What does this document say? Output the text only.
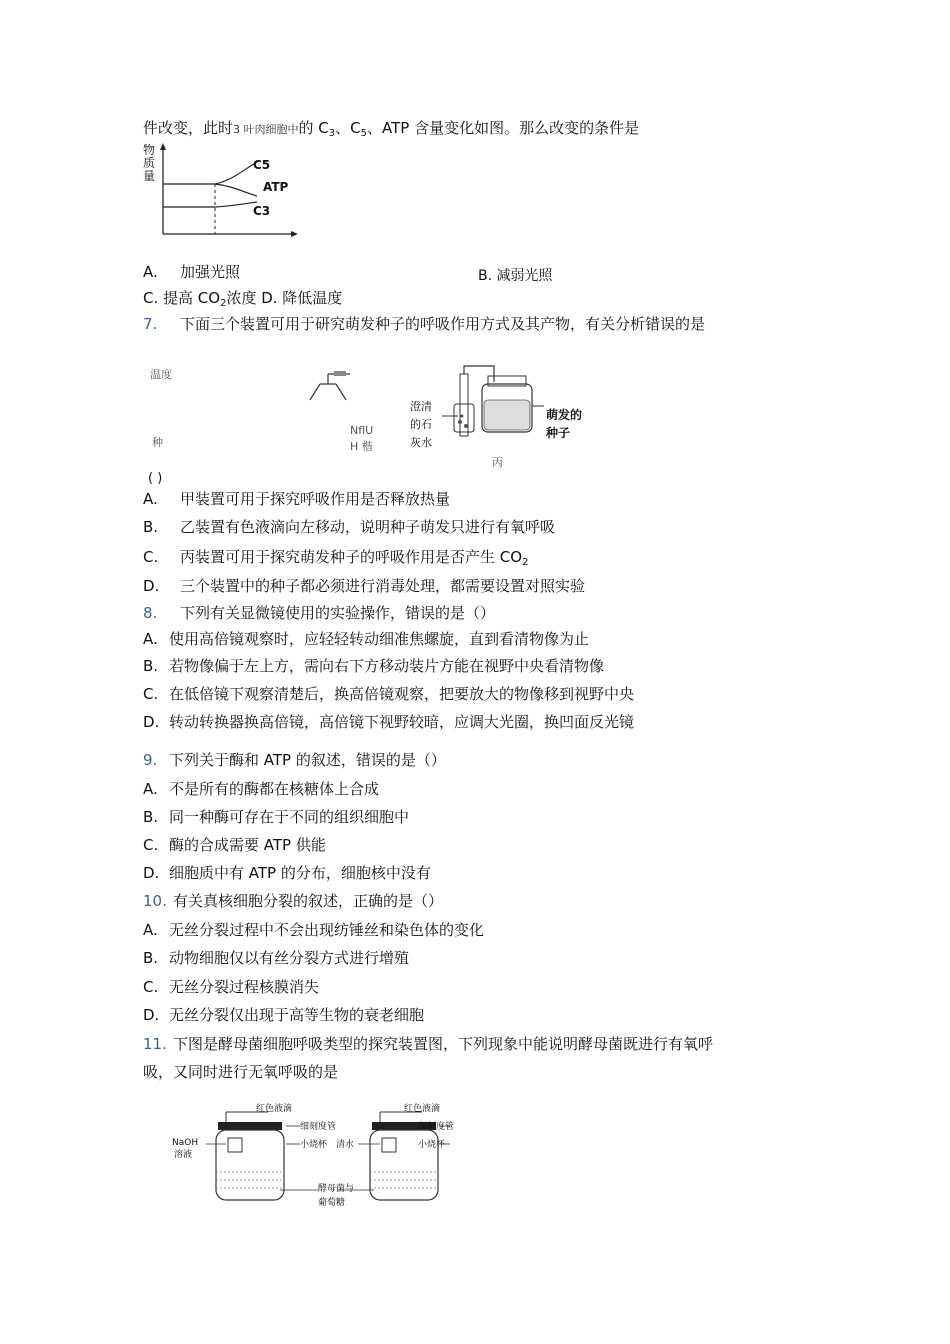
件改变，此时3 叶肉细胞中的 $C_3$、$C_5$、ATP 含量变化如图。那么改变的条件是
物
质
量
C5
ATP
C3
A. 加强光照	B. 减弱光照
C. 提高 $CO_2$浓度 D. 降低温度
7. 下面三个装置可用于研究萌发种子的呼吸作用方式及其产物，有关分析错误的是
温度
种
NflU
H 楷
澄清
的石
灰水
萌发的
种子
丙
( )
A. 甲装置可用于探究呼吸作用是否释放热量
B. 乙装置有色液滴向左移动，说明种子萌发只进行有氧呼吸
C. 丙装置可用于探究萌发种子的呼吸作用是否产生 $CO_2$
D. 三个装置中的种子都必须进行消毒处理，都需要设置对照实验
8. 下列有关显微镜使用的实验操作，错误的是（）
A. 使用高倍镜观察时，应轻轻转动细准焦螺旋，直到看清物像为止
B. 若物像偏于左上方，需向右下方移动装片方能在视野中央看清物像
C. 在低倍镜下观察清楚后，换高倍镜观察，把要放大的物像移到视野中央
D. 转动转换器换高倍镜，高倍镜下视野较暗，应调大光圈，换凹面反光镜
9. 下列关于酶和 ATP 的叙述，错误的是（）
A. 不是所有的酶都在核糖体上合成
B. 同一种酶可存在于不同的组织细胞中
C. 酶的合成需要 ATP 供能
D. 细胞质中有 ATP 的分布，细胞核中没有
10. 有关真核细胞分裂的叙述，正确的是（）
A. 无丝分裂过程中不会出现纺锤丝和染色体的变化
B. 动物细胞仅以有丝分裂方式进行增殖
C. 无丝分裂过程核膜消失
D. 无丝分裂仅出现于高等生物的衰老细胞
11. 下图是酵母菌细胞呼吸类型的探究装置图，下列现象中能说明酵母菌既进行有氧呼
吸，又同时进行无氧呼吸的是
红色液滴
细刻度管
NaOH
溶液
小烧杯
酵母菌与
葡萄糖
红色液滴
细刻度管
清水	小烧杯
